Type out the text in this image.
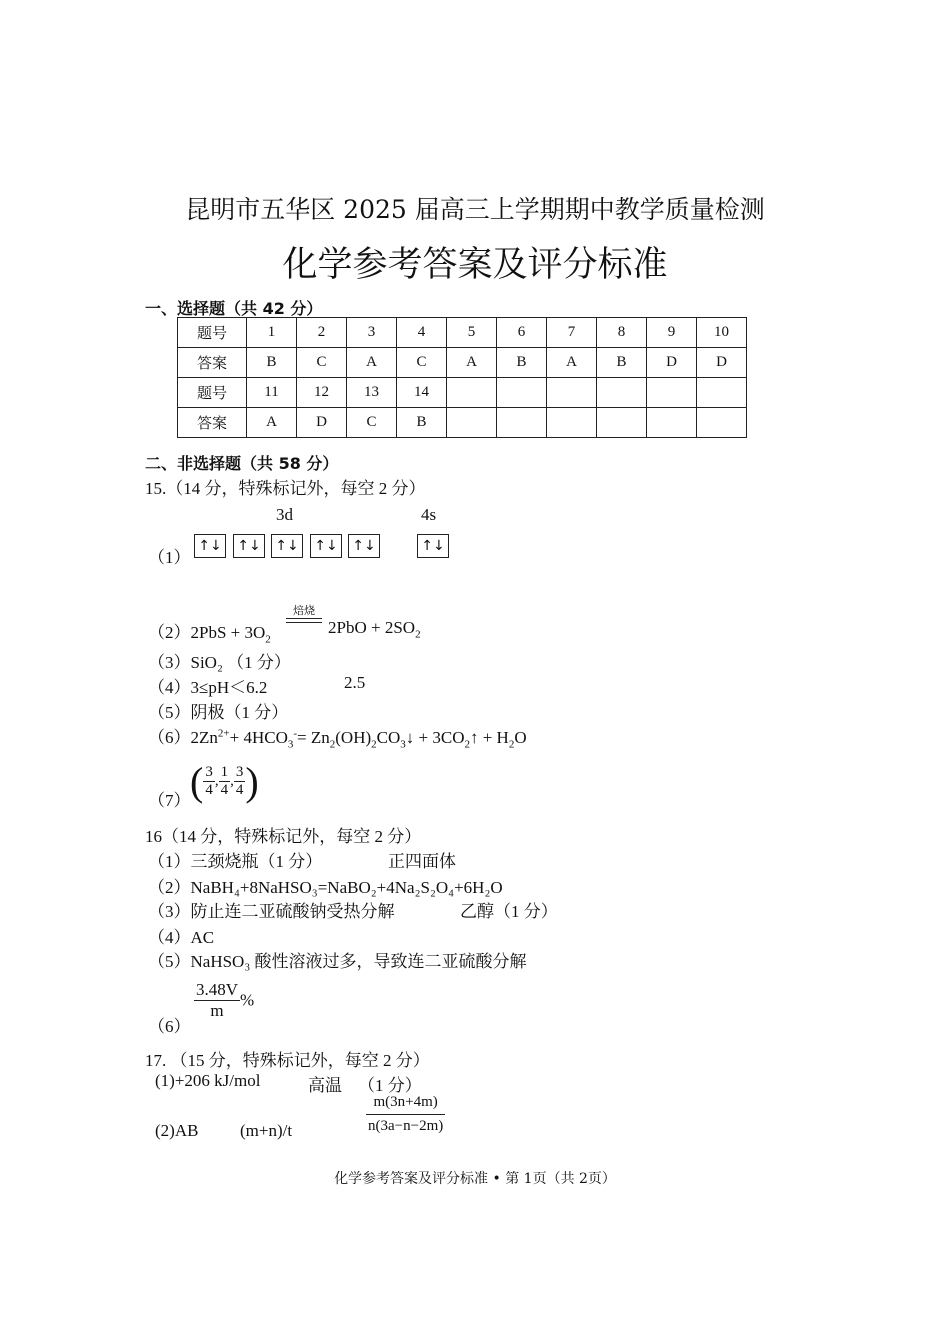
昆明市五华区 2025 届高三上学期期中教学质量检测
化学参考答案及评分标准
一、选择题（共 42 分）
题号	1	2	3	4	5	6	7	8	9	10
答案	B	C	A	C	A	B	A	B	D	D
题号	11	12	13	14						
答案	A	D	C	B						
二、非选择题（共 58 分）
15.（14 分，特殊标记外，每空 2 分）
3d	4s
（1）
↑↓	↑↓	↑↓	↑↓	↑↓	↑↓
$(2)2PbS + 3O_2$
焙烧
$2PbO + 2SO_2$
（3）SiO₂ （1 分）
（4）3≤pH＜6.2	2.5
（5）阴极（1 分）
$(6)2Zn^{2+}+ 4HCO_3^-=$ $Zn_2(OH)_2CO_3↓$ + $3CO_2↑ + H_2O$
（7） ( $\frac{3}{4}$ , $\frac{1}{4}$ , $\frac{3}{4}$ )
16（14 分，特殊标记外，每空 2 分）
（1）三颈烧瓶（1 分）	正四面体
（2）NaBH₄+8NaHSO₃=NaBO₂+4Na₂S₂O₄+6H₂O
（3）防止连二亚硫酸钠受热分解	乙醇（1 分）
（4）AC
（5）NaHSO₃ 酸性溶液过多，导致连二亚硫酸分解
（6）
$\frac{3.48V}{m}$ %
17. （15 分，特殊标记外，每空 2 分）
(1)+206 kJ/mol	高温 （1 分）
(2)AB (m+n)/t	$\frac{m(3n+4m)}{n(3a-n-2m)}$
化学参考答案及评分标准 • 第 1页（共 2页）
